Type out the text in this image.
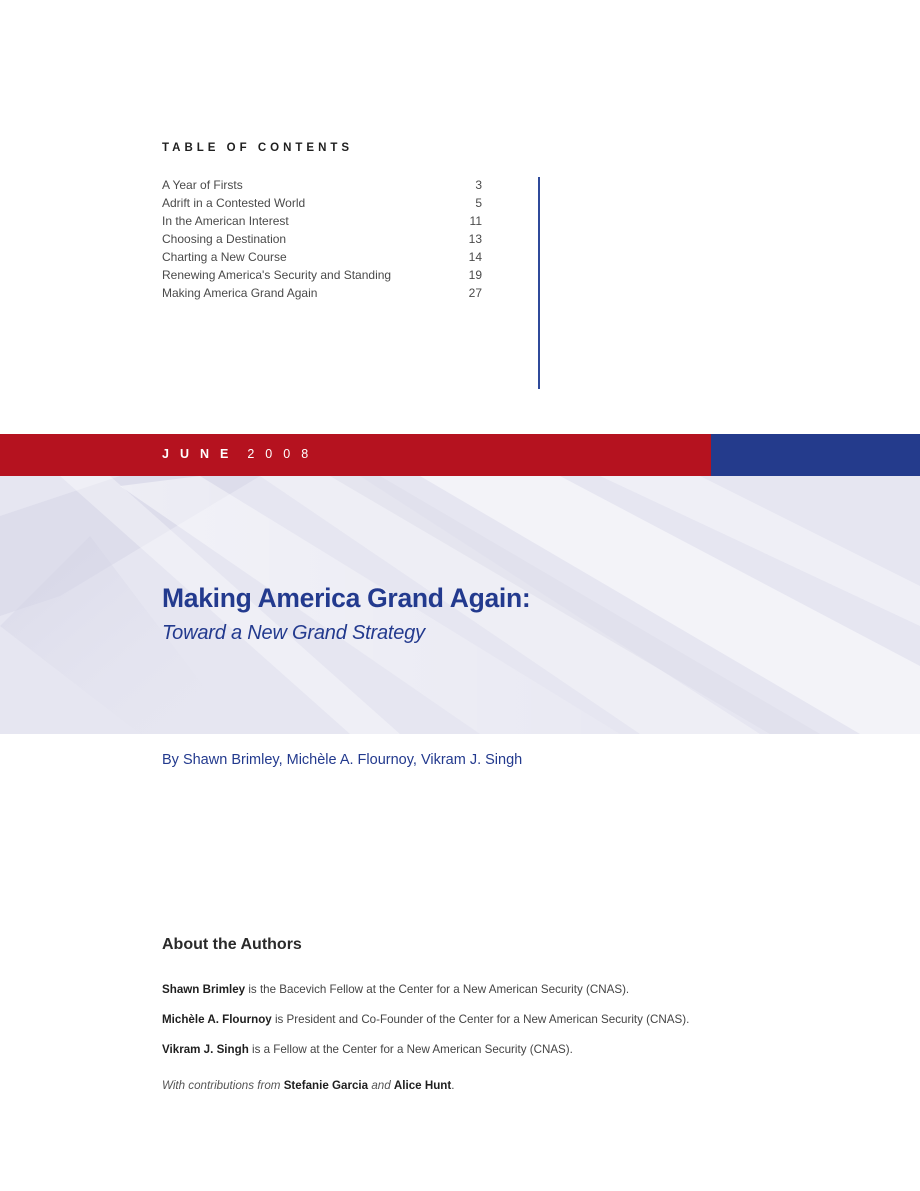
TABLE OF CONTENTS
A Year of Firsts	3
Adrift in a Contested World	5
In the American Interest	11
Choosing a Destination	13
Charting a New Course	14
Renewing America's Security and Standing	19
Making America Grand Again	27
JUNE 2008
Making America Grand Again:
Toward a New Grand Strategy

By Shawn Brimley, Michèle A. Flournoy, Vikram J. Singh

About the Authors

Shawn Brimley is the Bacevich Fellow at the Center for a New American Security (CNAS).

Michèle A. Flournoy is President and Co-Founder of the Center for a New American Security (CNAS).

Vikram J. Singh is a Fellow at the Center for a New American Security (CNAS).

With contributions from Stefanie Garcia and Alice Hunt.
